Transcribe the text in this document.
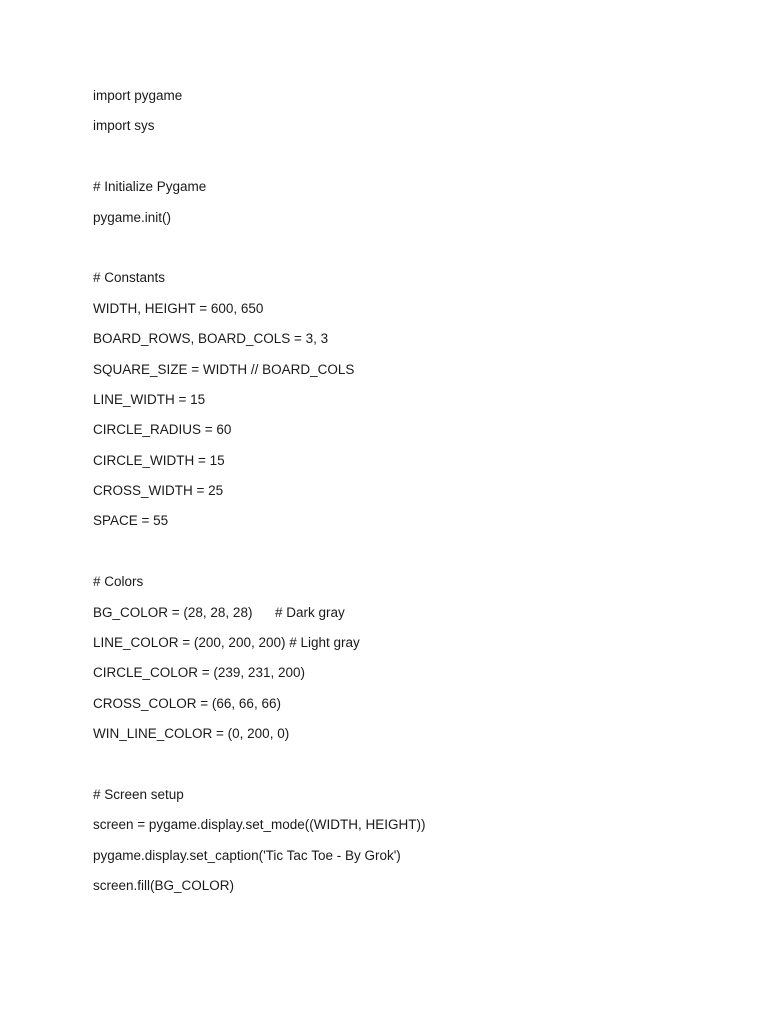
import pygame
import sys
# Initialize Pygame
pygame.init()
# Constants
WIDTH, HEIGHT = 600, 650
BOARD_ROWS, BOARD_COLS = 3, 3
SQUARE_SIZE = WIDTH // BOARD_COLS
LINE_WIDTH = 15
CIRCLE_RADIUS = 60
CIRCLE_WIDTH = 15
CROSS_WIDTH = 25
SPACE = 55
# Colors
BG_COLOR = (28, 28, 28)      # Dark gray
LINE_COLOR = (200, 200, 200) # Light gray
CIRCLE_COLOR = (239, 231, 200)
CROSS_COLOR = (66, 66, 66)
WIN_LINE_COLOR = (0, 200, 0)
# Screen setup
screen = pygame.display.set_mode((WIDTH, HEIGHT))
pygame.display.set_caption('Tic Tac Toe - By Grok')
screen.fill(BG_COLOR)
